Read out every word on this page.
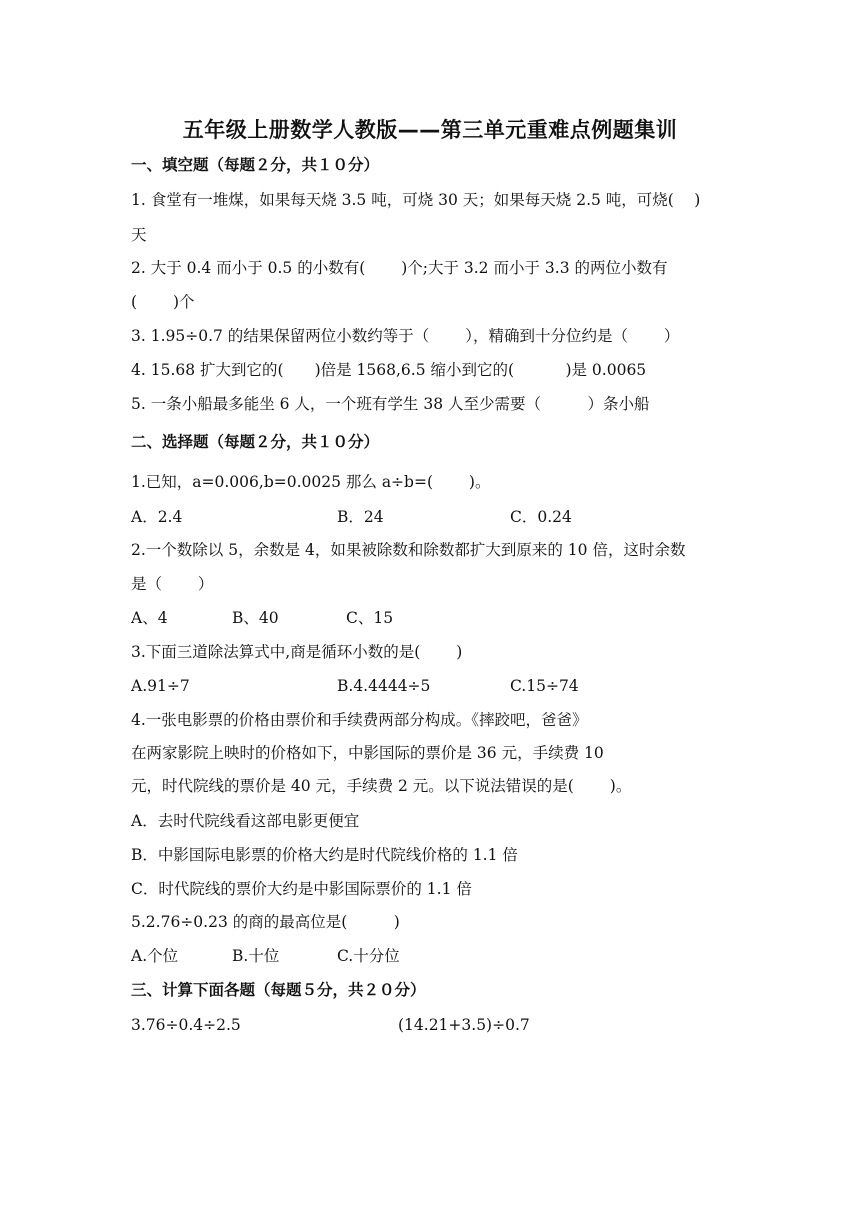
五年级上册数学人教版——第三单元重难点例题集训
一、填空题（每题２分，共１０分）
1. 食堂有一堆煤，如果每天烧 3.5 吨，可烧 30 天；如果每天烧 2.5 吨，可烧(　 )
天
2. 大于 0.4 而小于 0.5 的小数有(　　 )个;大于 3.2 而小于 3.3 的两位小数有
(　　 )个
3. 1.95÷0.7 的结果保留两位小数约等于（　　 ），精确到十分位约是（　　 ）
4. 15.68 扩大到它的(　　)倍是 1568,6.5 缩小到它的(　　　 )是 0.0065
5. 一条小船最多能坐 6 人，一个班有学生 38 人至少需要（　　　）条小船
二、选择题（每题２分，共１０分）
1.已知，a=0.006,b=0.0025 那么 a÷b=(　　 )。
A．2.4	B．24	C．0.24
2.一个数除以 5，余数是 4，如果被除数和除数都扩大到原来的 10 倍，这时余数
是（　　 ）
A、4	B、40	C、15
3.下面三道除法算式中,商是循环小数的是(　　 )
A.91÷7	B.4.4444÷5	C.15÷74
4.一张电影票的价格由票价和手续费两部分构成。《摔跤吧，爸爸》
在两家影院上映时的价格如下，中影国际的票价是 36 元，手续费 10
元，时代院线的票价是 40 元，手续费 2 元。以下说法错误的是(　　 )。
A．去时代院线看这部电影更便宜
B．中影国际电影票的价格大约是时代院线价格的 1.1 倍
C．时代院线的票价大约是中影国际票价的 1.1 倍
5.2.76÷0.23 的商的最高位是(　　　)
A.个位	B.十位	C.十分位
三、计算下面各题（每题５分，共２０分）
3.76÷0.4÷2.5	(14.21+3.5)÷0.7
